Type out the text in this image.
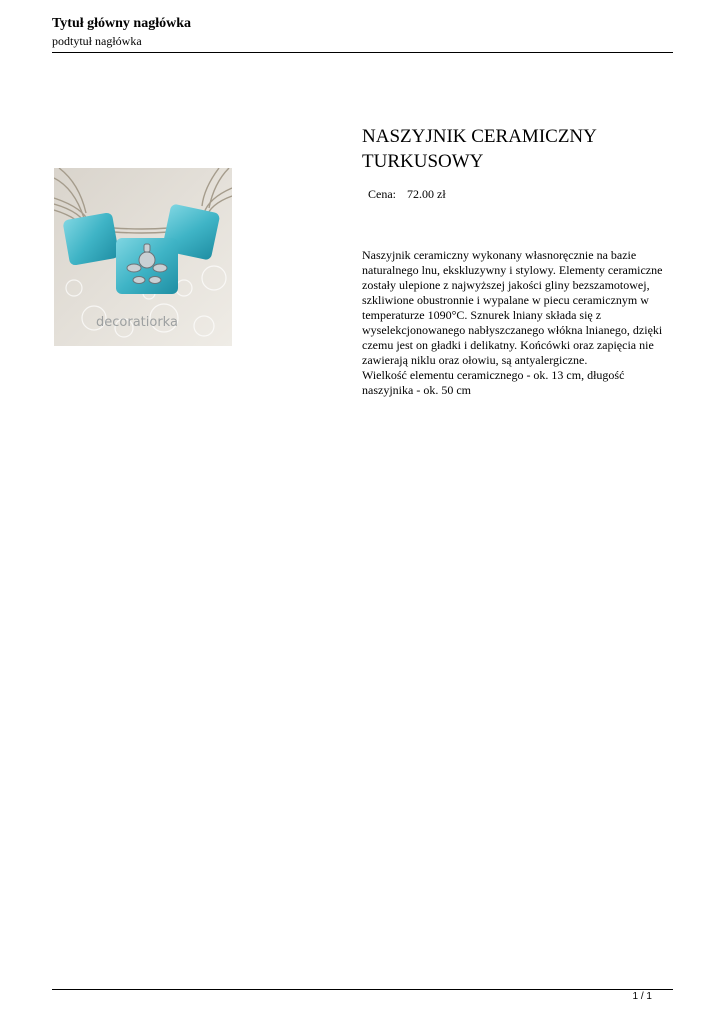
Tytuł główny nagłówka
podtytuł nagłówka
decoratiorka
NASZYJNIK CERAMICZNY TURKUSOWY
Cena: 72.00 zł

Naszyjnik ceramiczny wykonany własnoręcznie na bazie naturalnego lnu, ekskluzywny i stylowy. Elementy ceramiczne zostały ulepione z najwyższej jakości gliny bezszamotowej, szkliwione obustronnie i wypalane w piecu ceramicznym w temperaturze 1090°C. Sznurek lniany składa się z wyselekcjonowanego nabłyszczanego włókna lnianego, dzięki czemu jest on gładki i delikatny. Końcówki oraz zapięcia nie zawierają niklu oraz ołowiu, są antyalergiczne.

Wielkość elementu ceramicznego - ok. 13 cm, długość naszyjnika - ok. 50 cm

1 / 1
